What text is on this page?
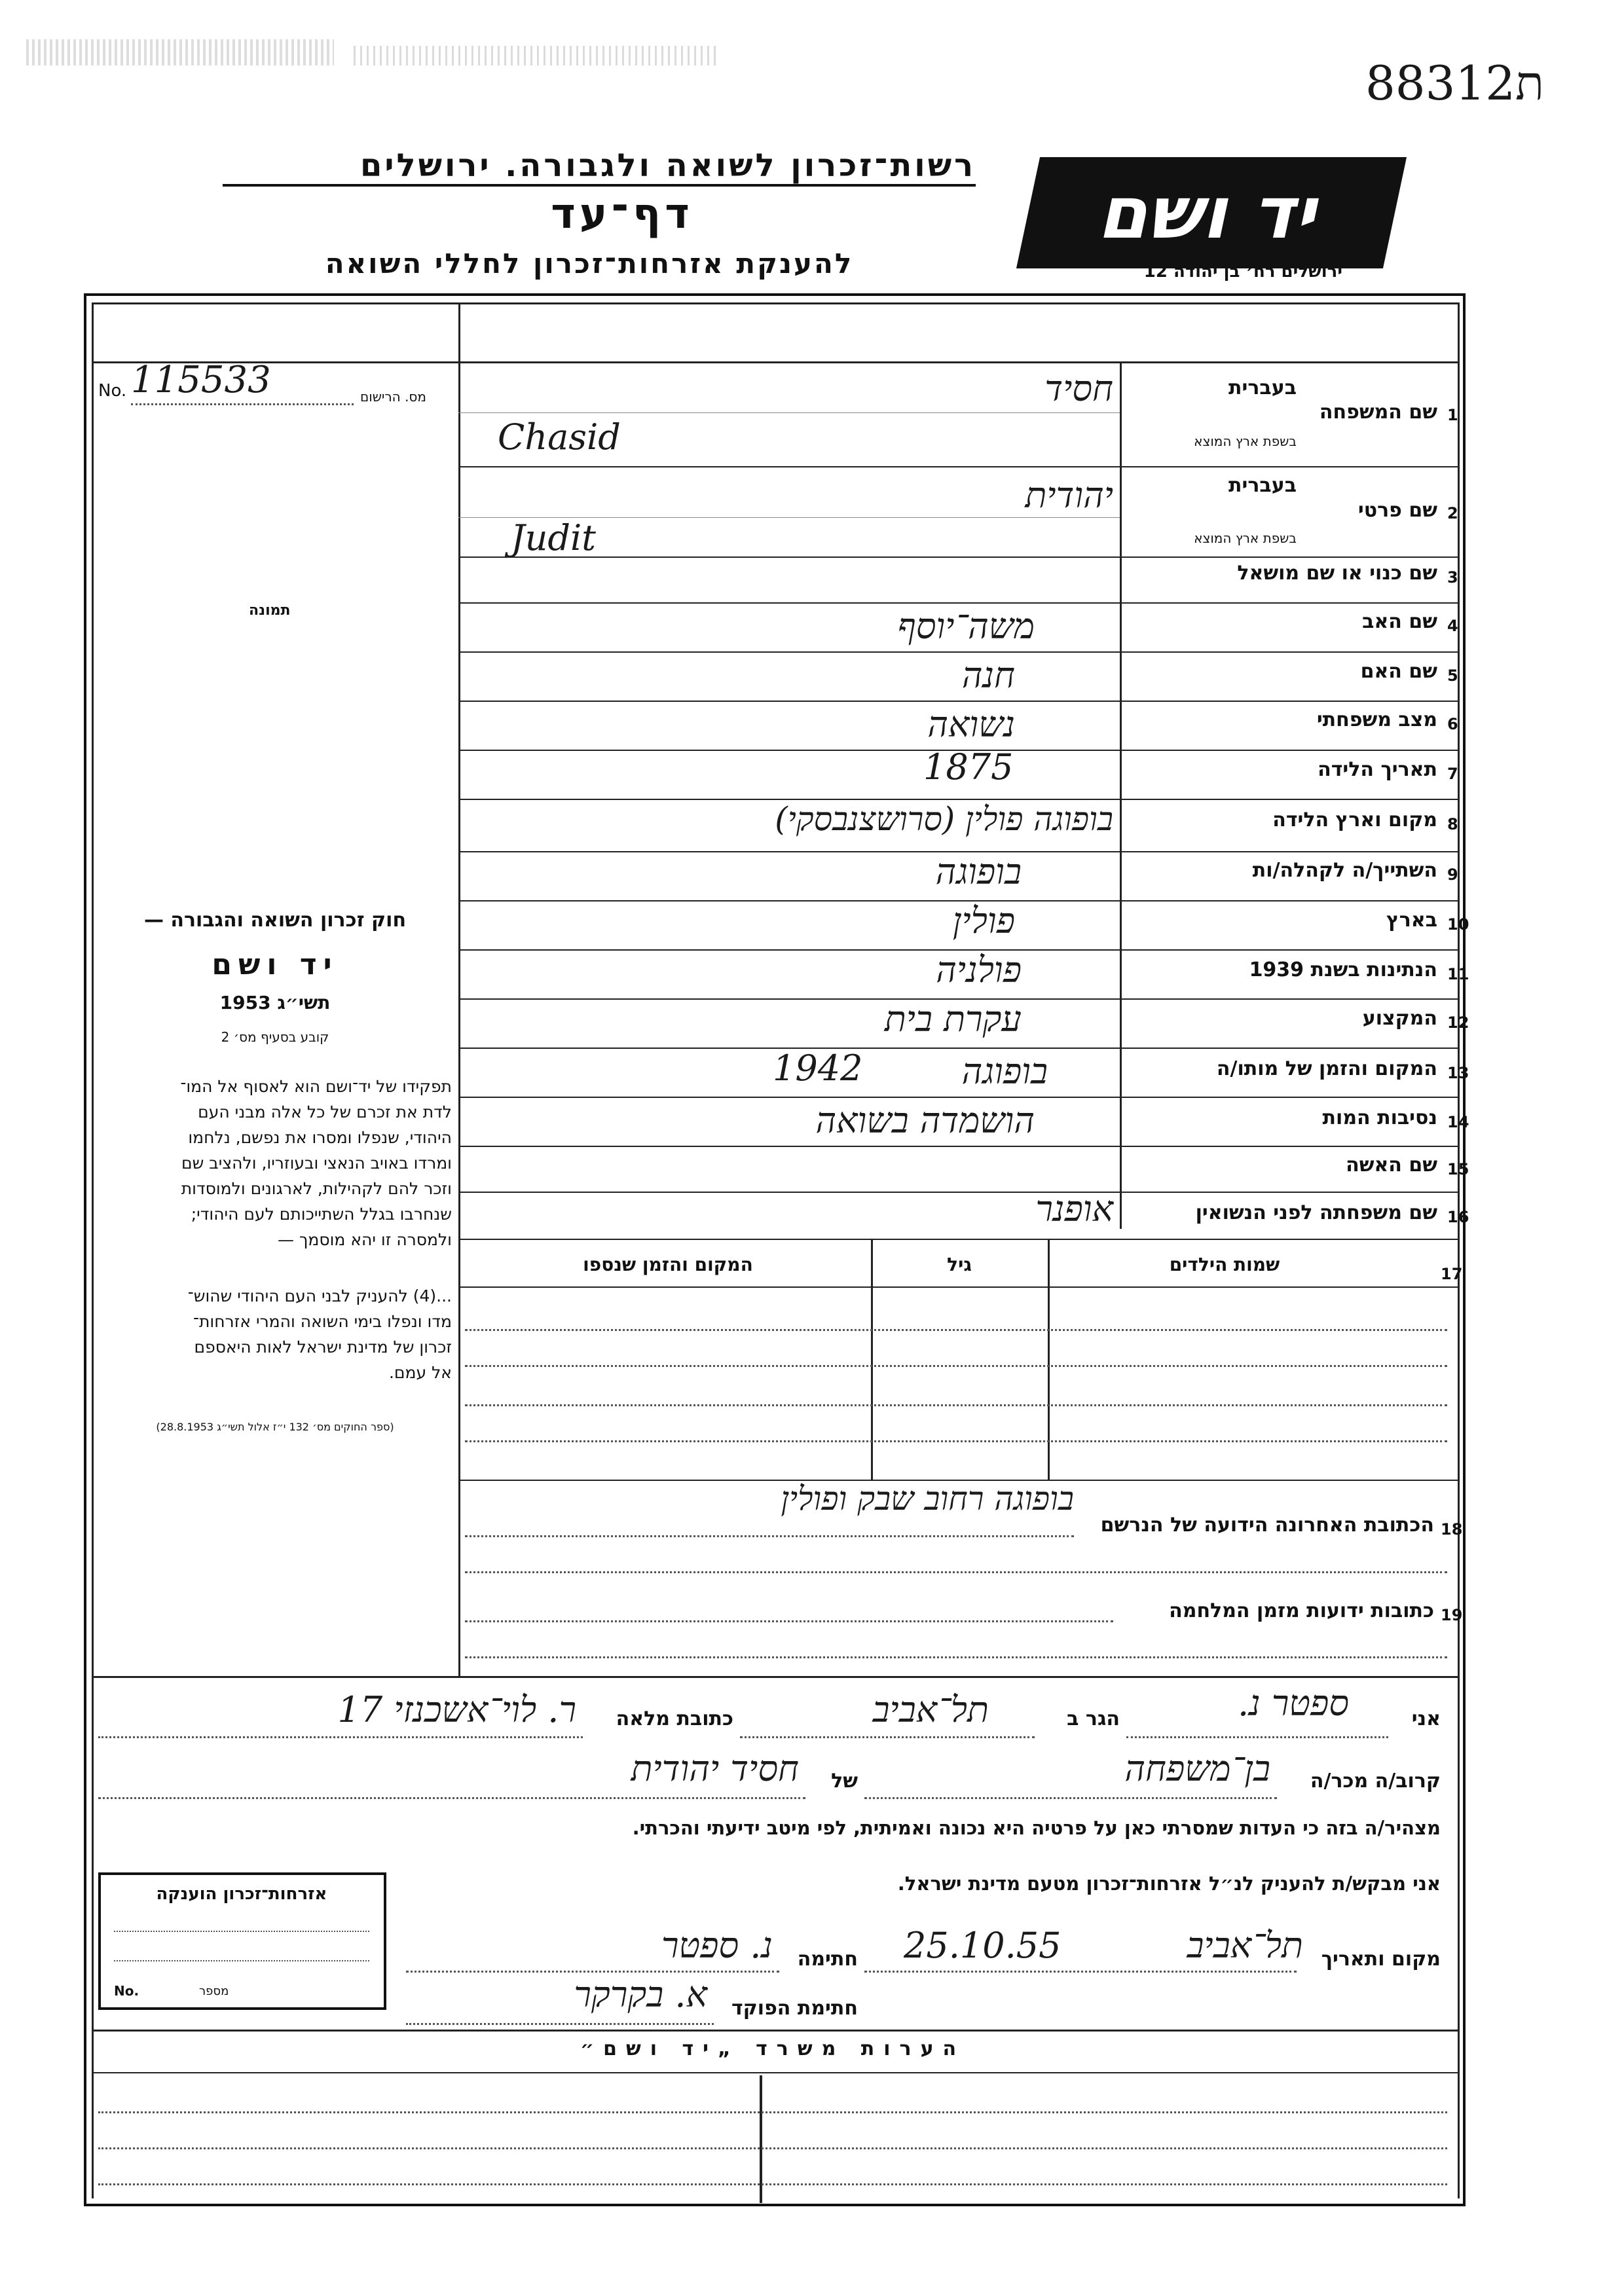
ת88312
רשות־זכרון לשואה ולגבורה. ירושלים
דף־עד
להענקת אזרחות־זכרון לחללי השואה
יד ושם
ירושלים רח׳ בן יהודה 12
No. 115533	מס. הרישום
תמונה
1
שם המשפחה
בעברית
בשפת ארץ המוצא
חסיד
Chasid
2
שם פרטי
בעברית
בשפת ארץ המוצא
יהודית
Judit
3
שם כנוי או שם מושאל
4
שם האב
משה־יוסף
5
שם האם
חנה
6
מצב משפחתי
נשואה
7
תאריך הלידה
1875
8
מקום וארץ הלידה
בופוגה פולין (סרושצנבסקי)
9
השתייך/ה לקהלה/ות
בופוגה
10
בארץ
פולין
11
הנתינות בשנת 1939
פולניה
12
המקצוע
עקרת בית
13
המקום והזמן של מותו/ה
1942	בופוגה
14
נסיבות המות
הושמדה בשואה
15
שם האשה
16
שם משפחתה לפני הנשואין
אופנר
17
שמות הילדים
גיל
המקום והזמן שנספו
18
הכתובת האחרונה הידועה של הנרשם
בופוגה רחוב שבק ופולין
19
כתובות ידועות מזמן המלחמה
חוק זכרון השואה והגבורה —
יד ושם
תשי״ג 1953
קובע בסעיף מס׳ 2
תפקידו של יד־ושם הוא לאסוף אל המו־
לדת את זכרם של כל אלה מבני העם
היהודי, שנפלו ומסרו את נפשם, נלחמו
ומרדו באויב הנאצי ובעוזריו, ולהציב שם
וזכר להם לקהילות, לארגונים ולמוסדות
שנחרבו בגלל השתייכותם לעם היהודי;
ולמסרה זו יהא מוסמך —
...(4) להעניק לבני העם היהודי שהוש־
מדו ונפלו בימי השואה והמרי אזרחות־
זכרון של מדינת ישראל לאות היאספם
אל עמם.
(ספר החוקים מס׳ 132 י״ז אלול תשי״ג 28.8.1953)
אני
ספטר נ.
הגר ב
תל־אביב
כתובת מלאה
ר. לוי־אשכנזי 17
קרוב/ה מכר/ה
בן־משפחה
של
חסיד יהודית
מצהיר/ה בזה כי העדות שמסרתי כאן על פרטיה היא נכונה ואמיתית, לפי מיטב ידיעתי והכרתי.
אני מבקש/ת להעניק לנ״ל אזרחות־זכרון מטעם מדינת ישראל.
מקום ותאריך
תל־אביב
25.10.55
חתימה
נ. ספטר
חתימת הפוקד
א. בקרקר
אזרחות־זכרון הוענקה
No.	מספר
הערות משרד „יד ושם״
